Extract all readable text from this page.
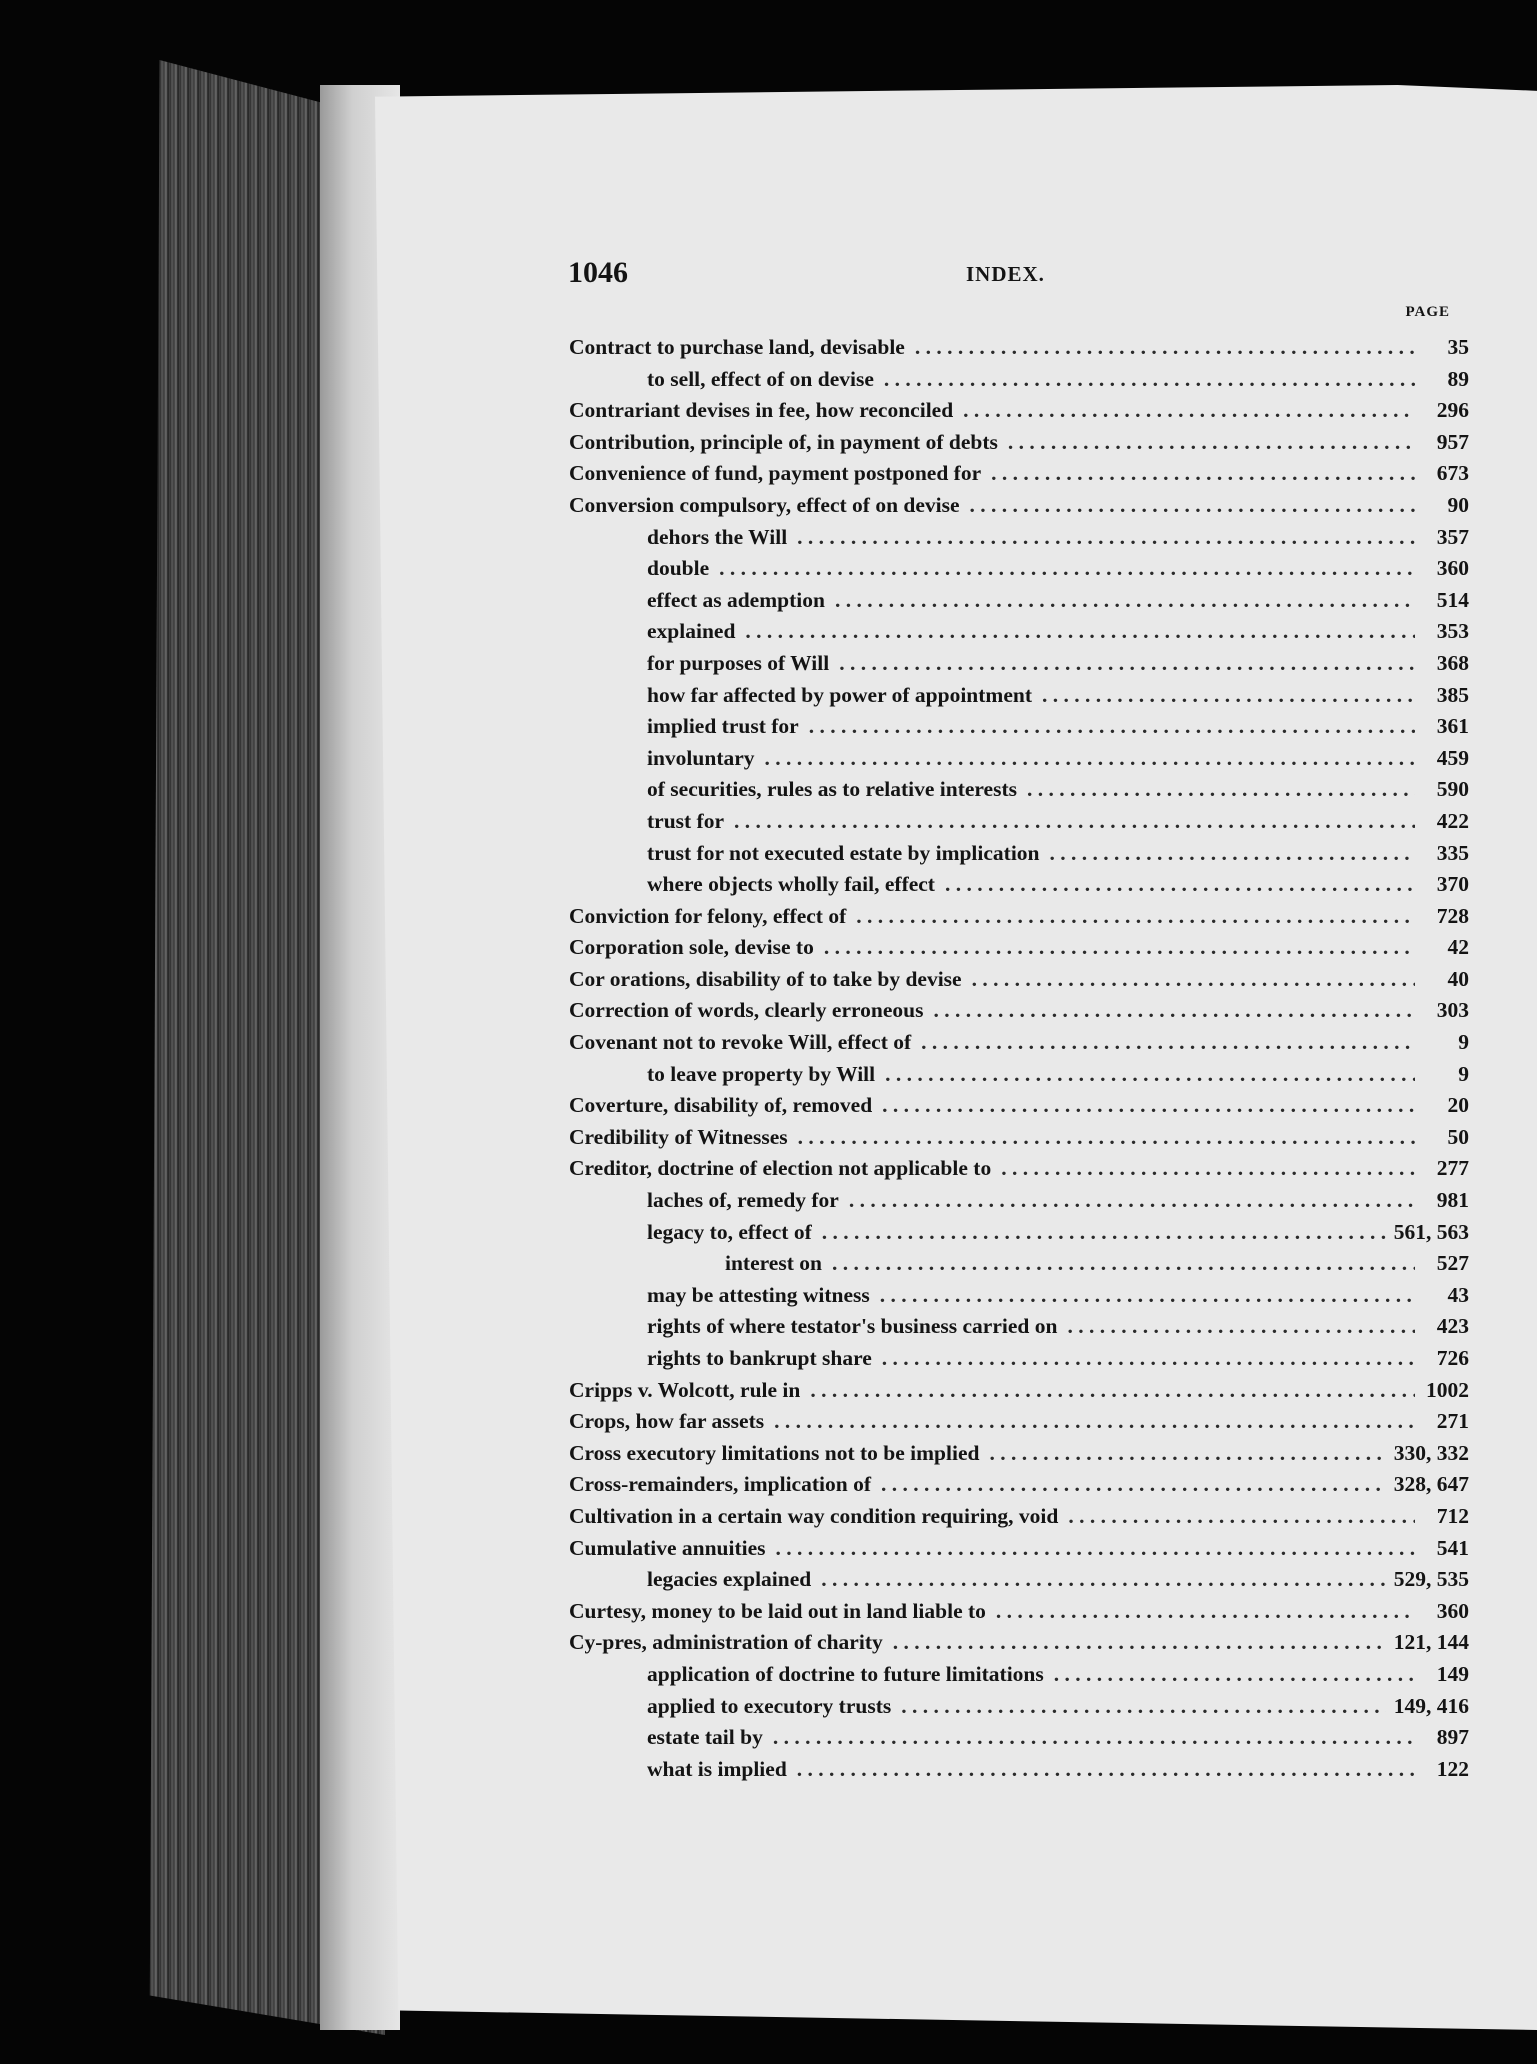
1046	INDEX.
PAGE
Contract to purchase land, devisable . . .	35
to sell, effect of on devise . . .	89
Contrariant devises in fee, how reconciled . . .	296
Contribution, principle of, in payment of debts . . .	957
Convenience of fund, payment postponed for . . .	673
Conversion compulsory, effect of on devise . . .	90
dehors the Will . . .	357
double . . .	360
effect as ademption . . .	514
explained . . .	353
for purposes of Will . . .	368
how far affected by power of appointment . . .	385
implied trust for . . .	361
involuntary . . .	459
of securities, rules as to relative interests . . .	590
trust for . . .	422
trust for not executed estate by implication . . .	335
where objects wholly fail, effect . . .	370
Conviction for felony, effect of . . .	728
Corporation sole, devise to . . .	42
Cor orations, disability of to take by devise . . .	40
Correction of words, clearly erroneous . . .	303
Covenant not to revoke Will, effect of . . .	9
to leave property by Will . . .	9
Coverture, disability of, removed . . .	20
Credibility of Witnesses . . .	50
Creditor, doctrine of election not applicable to . . .	277
laches of, remedy for . . .	981
legacy to, effect of . . .	561, 563
interest on . . .	527
may be attesting witness . . .	43
rights of where testator's business carried on . . .	423
rights to bankrupt share . . .	726
Cripps v. Wolcott, rule in . . .	1002
Crops, how far assets . . .	271
Cross executory limitations not to be implied . . .	330, 332
Cross-remainders, implication of . . .	328, 647
Cultivation in a certain way condition requiring, void . . .	712
Cumulative annuities . . .	541
legacies explained . . .	529, 535
Curtesy, money to be laid out in land liable to . . .	360
Cy-pres, administration of charity . . .	121, 144
application of doctrine to future limitations . . .	149
applied to executory trusts . . .	149, 416
estate tail by . . .	897
what is implied . . .	122
